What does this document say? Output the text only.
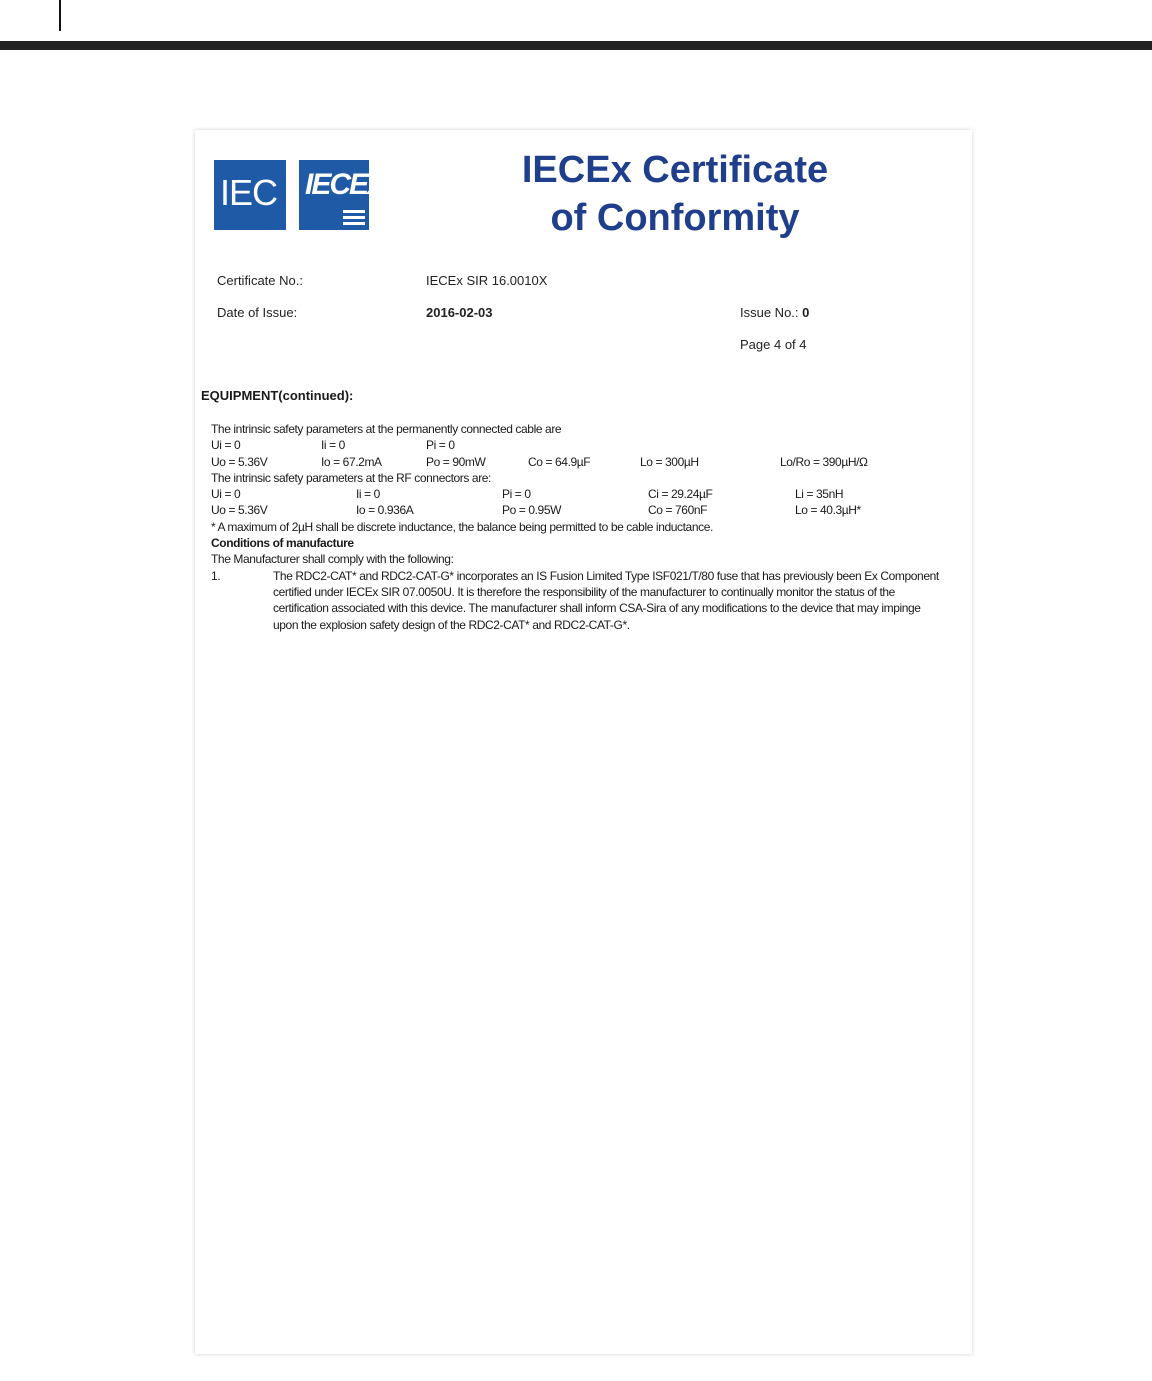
IEC IECEx	IECEx Certificate
of Conformity
Certificate No.:	IECEx SIR 16.0010X
Date of Issue:	2016-02-03	Issue No.: 0
Page 4 of 4
EQUIPMENT(continued):
The intrinsic safety parameters at the permanently connected cable are
Ui = 0	Ii = 0	Pi = 0
Uo = 5.36V	Io = 67.2mA	Po = 90mW	Co = 64.9µF	Lo = 300µH	Lo/Ro = 390µH/Ω
The intrinsic safety parameters at the RF connectors are:
Ui = 0	Ii = 0	Pi = 0	Ci = 29.24µF	Li = 35nH
Uo = 5.36V	Io = 0.936A	Po = 0.95W	Co = 760nF	Lo = 40.3µH*
* A maximum of 2µH shall be discrete inductance, the balance being permitted to be cable inductance.
Conditions of manufacture
The Manufacturer shall comply with the following:
1.	The RDC2-CAT* and RDC2-CAT-G* incorporates an IS Fusion Limited Type ISF021/T/80 fuse that has previously been Ex Component certified under IECEx SIR 07.0050U. It is therefore the responsibility of the manufacturer to continually monitor the status of the certification associated with this device. The manufacturer shall inform CSA-Sira of any modifications to the device that may impinge upon the explosion safety design of the RDC2-CAT* and RDC2-CAT-G*.
